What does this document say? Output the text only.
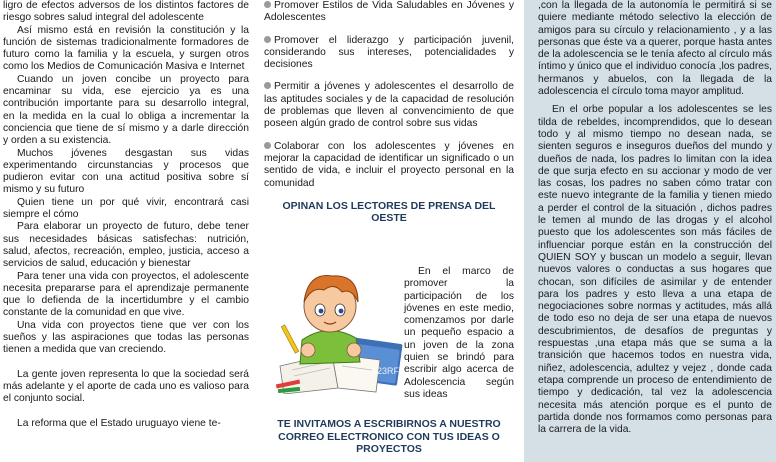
ligro de efectos adversos de los distintos factores de riesgo sobres salud integral del adolescente

Así mismo está en revisión la constitución y la función de sistemas tradicionalmente formadores de futuro como la familia y la escuela, y surgen otros como los Medios de Comunicación Masiva e Internet

Cuando un joven concibe un proyecto para encaminar su vida, ese ejercicio ya es una contribución importante para su desarrollo integral, en la medida en la cual lo obliga a incrementar la conciencia que tiene de sí mismo y a darle dirección y orden a su existencia.

Muchos jóvenes desgastan sus vidas experimentando circunstancias y procesos que pudieron evitar con una actitud positiva sobre sí mismo y su futuro

Quien tiene un por qué vivir, encontrará casi siempre el cómo

Para elaborar un proyecto de futuro, debe tener sus necesidades básicas satisfechas: nutrición, salud, afectos, recreación, empleo, justicia, acceso a servicios de salud, educación y bienestar

Para tener una vida con proyectos, el adolescente necesita prepararse para el aprendizaje permanente que lo defienda de la incertidumbre y el cambio constante de la comunidad en que vive.

Una vida con proyectos tiene que ver con los sueños y las aspiraciones que todas las personas tienen a medida que van creciendo.

La gente joven representa lo que la sociedad será más adelante y el aporte de cada uno es valioso para el conjunto social.

La reforma que el Estado uruguayo viene te-

Promover Estilos de Vida Saludables en Jóvenes y Adolescentes

Promover el liderazgo y participación juvenil, considerando sus intereses, potencialidades y decisiones

Permitir a jóvenes y adolescentes el desarrollo de las aptitudes sociales y de la capacidad de resolución de problemas que lleven al convencimiento de que poseen algún grado de control sobre sus vidas

Colaborar con los adolescentes y jóvenes en mejorar la capacidad de identificar un significado o un sentido de vida, e incluir el proyecto personal en la comunidad

OPINAN LOS LECTORES DE PRENSA DEL OESTE

123RF

En el marco de promover la participación de los jóvenes en este medio, comenzamos por darle un pequeño espacio a un joven de la zona quien se brindó para escribir algo acerca de Adolescencia según sus ideas

TE INVITAMOS A ESCRIBIRNOS A NUESTRO CORREO ELECTRONICO CON TUS IDEAS O PROYECTOS

,con la llegada de la autonomía le permitirá si se quiere mediante método selectivo la elección de amigos para su círculo y relacionamiento , y a las personas que éste va a querer, porque hasta antes de la adolescencia se le tenía afecto al círculo más íntimo y único que el individuo conocía ,los padres, hermanos y abuelos, con la llegada de la adolescencia el círculo toma mayor amplitud.

En el orbe popular a los adolescentes se les tilda de rebeldes, incomprendidos, que lo desean todo y al mismo tiempo no desean nada, se sienten seguros e inseguros dueños del mundo y dueños de nada, los padres lo limitan con la idea de que surja efecto en su accionar y modo de ver las cosas, los padres no saben cómo tratar con este nuevo integrante de la familia y tienen miedo a perder el control de la situación , dichos padres le temen al mundo de las drogas y el alcohol puesto que los adolescentes son más fáciles de influenciar porque están en la construcción del QUIEN SOY y buscan un modelo a seguir, llevan nuevos valores o conductas a sus hogares que chocan, son difíciles de asimilar y de entender para los padres y esto lleva a una etapa de negociaciones sobre normas y actitudes, más allá de todo eso no deja de ser una etapa de nuevos descubrimientos, de desafíos de preguntas y respuestas ,una etapa más que se suma a la transición que hacemos todos en nuestra vida, niñez, adolescencia, adultez y vejez , donde cada etapa comprende un proceso de entendimiento de tiempo y dedicación, tal vez la adolescencia necesita más atención porque es el punto de partida donde nos formamos como personas para la carrera de la vida.
